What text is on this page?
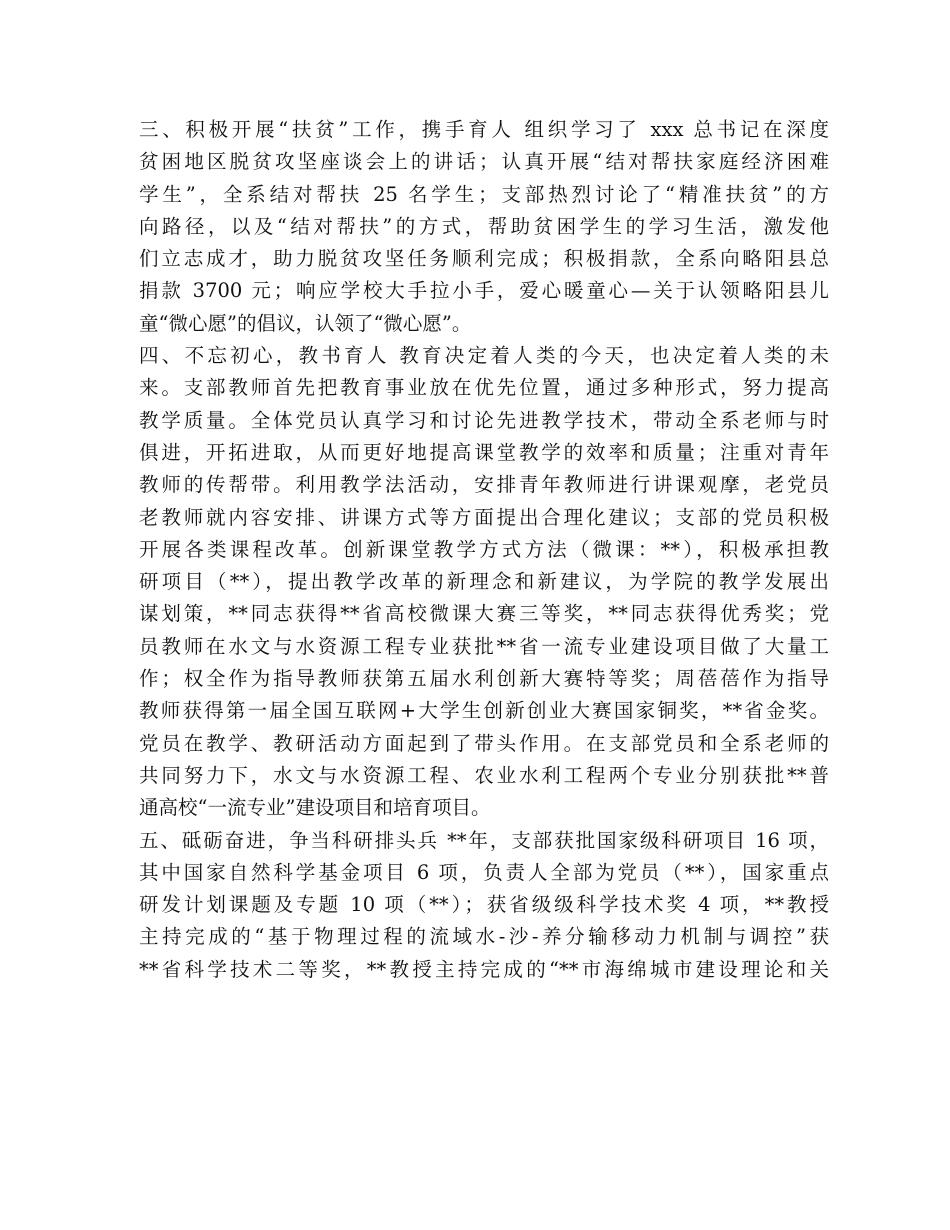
三、积极开展“扶贫”工作，携手育人 组织学习了 xxx 总书记在深度
贫困地区脱贫攻坚座谈会上的讲话；认真开展“结对帮扶家庭经济困难
学生”，全系结对帮扶 25 名学生；支部热烈讨论了“精准扶贫”的方
向路径，以及“结对帮扶”的方式，帮助贫困学生的学习生活，激发他
们立志成才，助力脱贫攻坚任务顺利完成；积极捐款，全系向略阳县总
捐款 3700 元；响应学校大手拉小手，爱心暖童心—关于认领略阳县儿
童“微心愿”的倡议，认领了“微心愿”。
四、不忘初心，教书育人 教育决定着人类的今天，也决定着人类的未
来。支部教师首先把教育事业放在优先位置，通过多种形式，努力提高
教学质量。全体党员认真学习和讨论先进教学技术，带动全系老师与时
俱进，开拓进取，从而更好地提高课堂教学的效率和质量；注重对青年
教师的传帮带。利用教学法活动，安排青年教师进行讲课观摩，老党员
老教师就内容安排、讲课方式等方面提出合理化建议；支部的党员积极
开展各类课程改革。创新课堂教学方式方法（微课：**），积极承担教
研项目（**），提出教学改革的新理念和新建议，为学院的教学发展出
谋划策，**同志获得**省高校微课大赛三等奖，**同志获得优秀奖；党
员教师在水文与水资源工程专业获批**省一流专业建设项目做了大量工
作；权全作为指导教师获第五届水利创新大赛特等奖；周蓓蓓作为指导
教师获得第一届全国互联网+大学生创新创业大赛国家铜奖，**省金奖。
党员在教学、教研活动方面起到了带头作用。在支部党员和全系老师的
共同努力下，水文与水资源工程、农业水利工程两个专业分别获批**普
通高校“一流专业”建设项目和培育项目。
五、砥砺奋进，争当科研排头兵 **年，支部获批国家级科研项目 16 项，
其中国家自然科学基金项目 6 项，负责人全部为党员（**），国家重点
研发计划课题及专题 10 项（**）；获省级级科学技术奖 4 项，**教授
主持完成的“基于物理过程的流域水-沙-养分输移动力机制与调控”获
**省科学技术二等奖，**教授主持完成的“**市海绵城市建设理论和关
